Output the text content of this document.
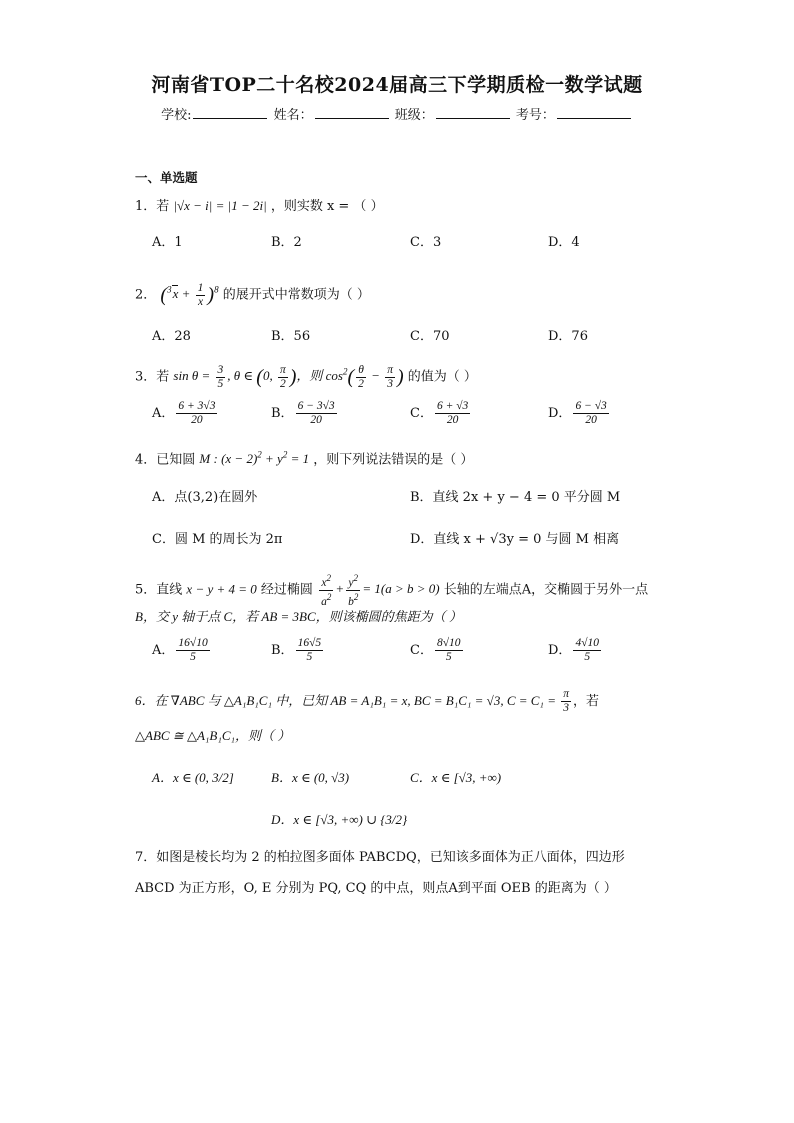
河南省TOP二十名校2024届高三下学期质检一数学试题
学校:	姓名：	班级：	考号：
一、单选题
1．若 |√x − i| = |1 − 2i| ，则实数 x = （ ）
A．1	B．2	C．3	D．4
2． $(^3x + \frac{1}{x} )^8$ 的展开式中常数项为（ ）
A．28	B．56	C．70	D．76
3．若 $\sin \theta = \frac{3}{5}$ , θ ∈ (0, $\frac{\pi}{2}$ )，则 $\cos^2( \frac{\theta}{2} - \frac{\pi}{3}$ ) 的值为（ ）
A． $\frac{6 + 3√3}{20}$	B． $\frac{6 - 3√3}{20}$	C． $\frac{6 + √3}{20}$	D． $\frac{6 - √3}{20}$
4．已知圆 M : $(x - 2)^2 + y^2 = 1$ ，则下列说法错误的是（ ）
A．点(3,2)在圆外	B．直线 2x + y − 4 = 0 平分圆 M
C．圆 M 的周长为 2π	D．直线 x + √3y = 0 与圆 M 相离
5．直线 x − y + 4 = 0 经过椭圆 $\frac{x^2}{a^2} + \frac{y^2}{b^2} = 1(a > b > 0)$ 长轴的左端点A，交椭圆于另外一点
B，交 y 轴于点 C，若 AB = 3BC，则该椭圆的焦距为（ ）
A． $\frac{16√10}{5}$	B． $\frac{16√5}{5}$	C． $\frac{8√10}{5}$	D． $\frac{4√10}{5}$
6．在 ∇ABC 与 △A₁B₁C₁ 中，已知 AB = A₁B₁ = x, BC = B₁C₁ = √3, $C = C_1 = \frac{\pi}{3}$ ，若
△ABC ≅ △A₁B₁C₁，则（ ）
A．x ∈ (0, 3/2]	B．x ∈ (0, √3)	C．x ∈ [√3, +∞)
D．x ∈ [√3, +∞) ∪ {3/2}
7．如图是棱长均为 2 的柏拉图多面体 PABCDQ，已知该多面体为正八面体，四边形
ABCD 为正方形，O, E 分别为 PQ, CQ 的中点，则点A到平面 OEB 的距离为（ ）
